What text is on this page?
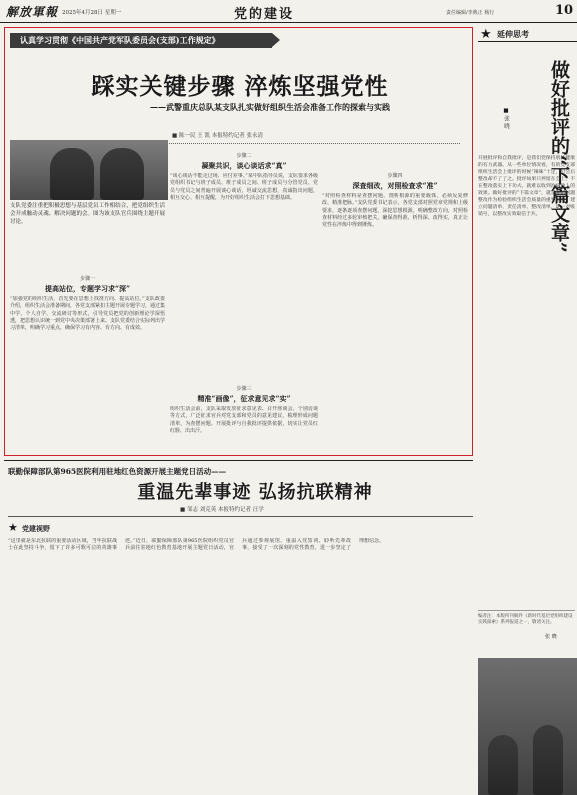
解放軍報 2025年4月28日 星期一	党的建设	责任编辑/李典正 杨行	10
认真学习贯彻《中国共产党军队委员会(支部)工作规定》
踩实关键步骤 淬炼坚强党性
——武警重庆总队某支队扎实做好组织生活会准备工作的探索与实践
■ 陈一民 王 凯 本报特约记者 张永清
支队党委注重把积极思想与基层党员工作相结合，把党组织生活会开成触动灵魂、解决问题的会。图为该支队官兵围绕主题开展讨论。
步骤一
提高站位，专题学习求“深”
“加强党的组织生活，首先要在思想上找准方向、提高站位。”支队政委介绍，组织生活会准备期间，各党支部紧扣主题开展专题学习，通过集中学、个人自学、交流研讨等形式，引导党员把党的创新理论学深悟透，把思想认识统一到党中央决策部署上来。支队党委结合实际列出学习清单，明确学习重点，确保学习有内容、有方向、有成效。
步骤二
凝聚共识，谈心谈话求“真”
“谈心谈话不能走过场、应付差事。”某中队指导员说，支队要求各级党组织书记与班子成员、班子成员之间、班子成员与分管党员、党员与党员之间普遍开展谈心谈话，坦诚交流思想，真诚指出问题，相互交心、相互提醒，为开好组织生活会打下思想基础。
步骤三
精准“画像”，征求意见求“实”
组织生活会前，支队采取发放征求意见表、召开座谈会、个别访谈等方式，广泛征求官兵对党支部和党员的意见建议，梳理形成问题清单，为查摆问题、开展批评与自我批评提供依据，切实让党员红红脸、出出汗。
步骤四
深查细改，对照检查求“准”
“对照检查材料是查摆问题、剖析根源的重要载体，必须反复修改、精准把脉。”支队党委书记表示，各党支部对照党章党规和上级要求，逐条逐项查摆问题，深挖思想根源，明确整改方向，对照检查材料经过多轮审核把关，确保查得准、析得深、改得实，真正让党性在淬炼中得到锤炼。
★ 延伸思考
做好批评的“下篇文章”
■ 张 晓
开展批评和自我批评，是我们党保持肌体健康的有力武器。从一些单位情况看，有的党支部组织生活会上批评的时候“辣味”十足，但会后整改却不了了之。批评如果只停留在会上，不在整改落实上下功夫，就难以收到治病救人的效果。做好批评的“下篇文章”，就是要把问题整改作为检验组织生活会质量的重要标准，建立问题清单、责任清单、整改清单，逐一对账销号，以整改实效取信于兵。
编者注：本版所刊稿件《新时代基层党组织建设实践探索》系列报道之一，敬请关注。
张 晓
联勤保障部队第965医院利用驻地红色资源开展主题党日活动——
重温先辈事迹 弘扬抗联精神
■ 邹志 刘克英 本报特约记者 汪学
★ 党建视野
“这里就是东北抗联的重要活动区域，当年抗联战士在此坚持斗争，留下了许多可歌可泣的英雄事迹。”近日，联勤保障部队第965医院组织党员官兵前往驻地红色教育基地开展主题党日活动，官兵通过参观展馆、重温入党誓词、聆听先辈故事，接受了一次深刻的党性教育，进一步坚定了理想信念。
